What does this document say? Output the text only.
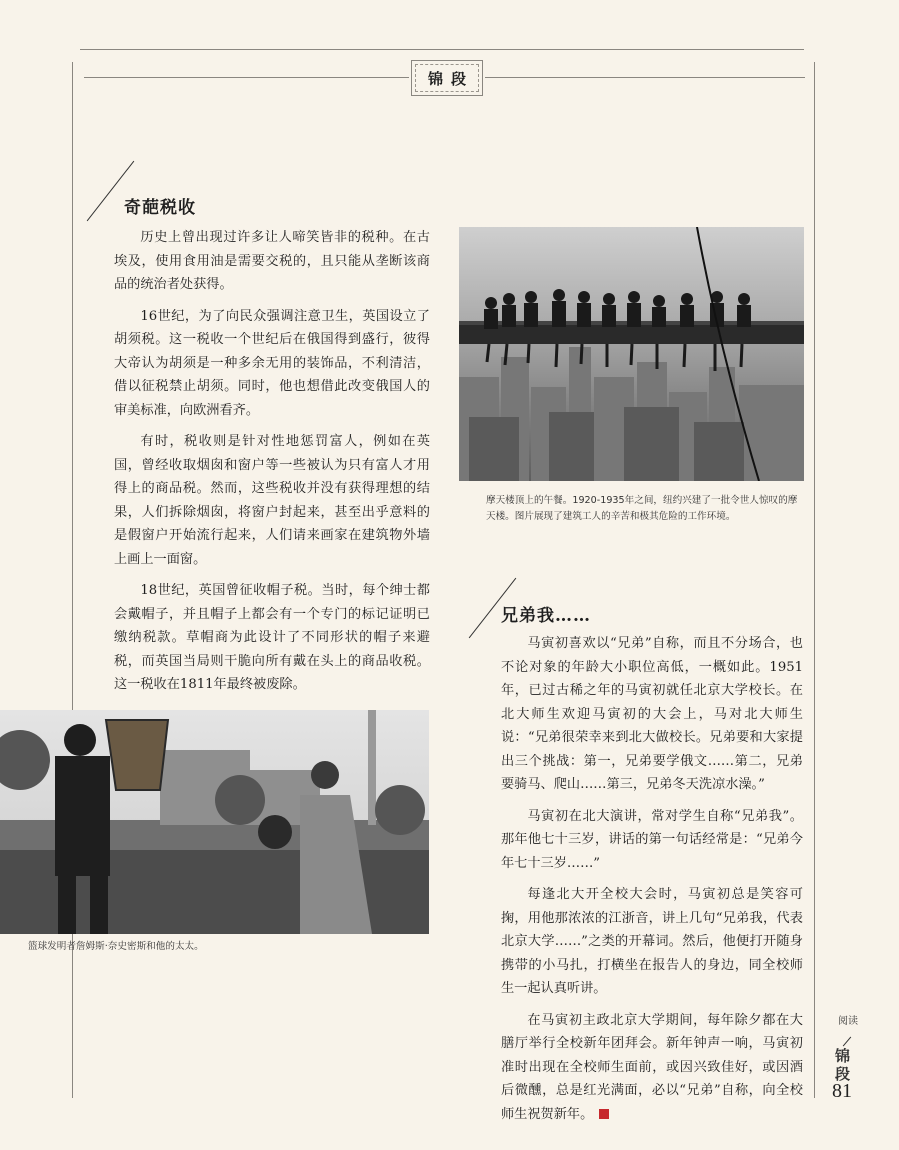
锦段
奇葩税收

历史上曾出现过许多让人啼笑皆非的税种。在古埃及，使用食用油是需要交税的，且只能从垄断该商品的统治者处获得。

16世纪，为了向民众强调注意卫生，英国设立了胡须税。这一税收一个世纪后在俄国得到盛行，彼得大帝认为胡须是一种多余无用的装饰品，不利清洁，借以征税禁止胡须。同时，他也想借此改变俄国人的审美标准，向欧洲看齐。

有时，税收则是针对性地惩罚富人，例如在英国，曾经收取烟囱和窗户等一些被认为只有富人才用得上的商品税。然而，这些税收并没有获得理想的结果，人们拆除烟囱，将窗户封起来，甚至出乎意料的是假窗户开始流行起来，人们请来画家在建筑物外墙上画上一面窗。

18世纪，英国曾征收帽子税。当时，每个绅士都会戴帽子，并且帽子上都会有一个专门的标记证明已缴纳税款。草帽商为此设计了不同形状的帽子来避税，而英国当局则干脆向所有戴在头上的商品收税。这一税收在1811年最终被废除。

摩天楼顶上的午餐。1920-1935年之间，纽约兴建了一批令世人惊叹的摩天楼。图片展现了建筑工人的辛苦和极其危险的工作环境。
兄弟我……

马寅初喜欢以“兄弟”自称，而且不分场合，也不论对象的年龄大小职位高低，一概如此。1951年，已过古稀之年的马寅初就任北京大学校长。在北大师生欢迎马寅初的大会上，马对北大师生说：“兄弟很荣幸来到北大做校长。兄弟要和大家提出三个挑战：第一，兄弟要学俄文……第二，兄弟要骑马、爬山……第三，兄弟冬天洗凉水澡。”

马寅初在北大演讲，常对学生自称“兄弟我”。那年他七十三岁，讲话的第一句话经常是：“兄弟今年七十三岁……”

每逢北大开全校大会时，马寅初总是笑容可掬，用他那浓浓的江浙音，讲上几句“兄弟我，代表北京大学……”之类的开幕词。然后，他便打开随身携带的小马扎，打横坐在报告人的身边，同全校师生一起认真听讲。

在马寅初主政北京大学期间，每年除夕都在大膳厅举行全校新年团拜会。新年钟声一响，马寅初准时出现在全校师生面前，或因兴致佳好，或因酒后微醺，总是红光满面，必以“兄弟”自称，向全校师生祝贺新年。

篮球发明者詹姆斯·奈史密斯和他的太太。
阅读
锦段
81
